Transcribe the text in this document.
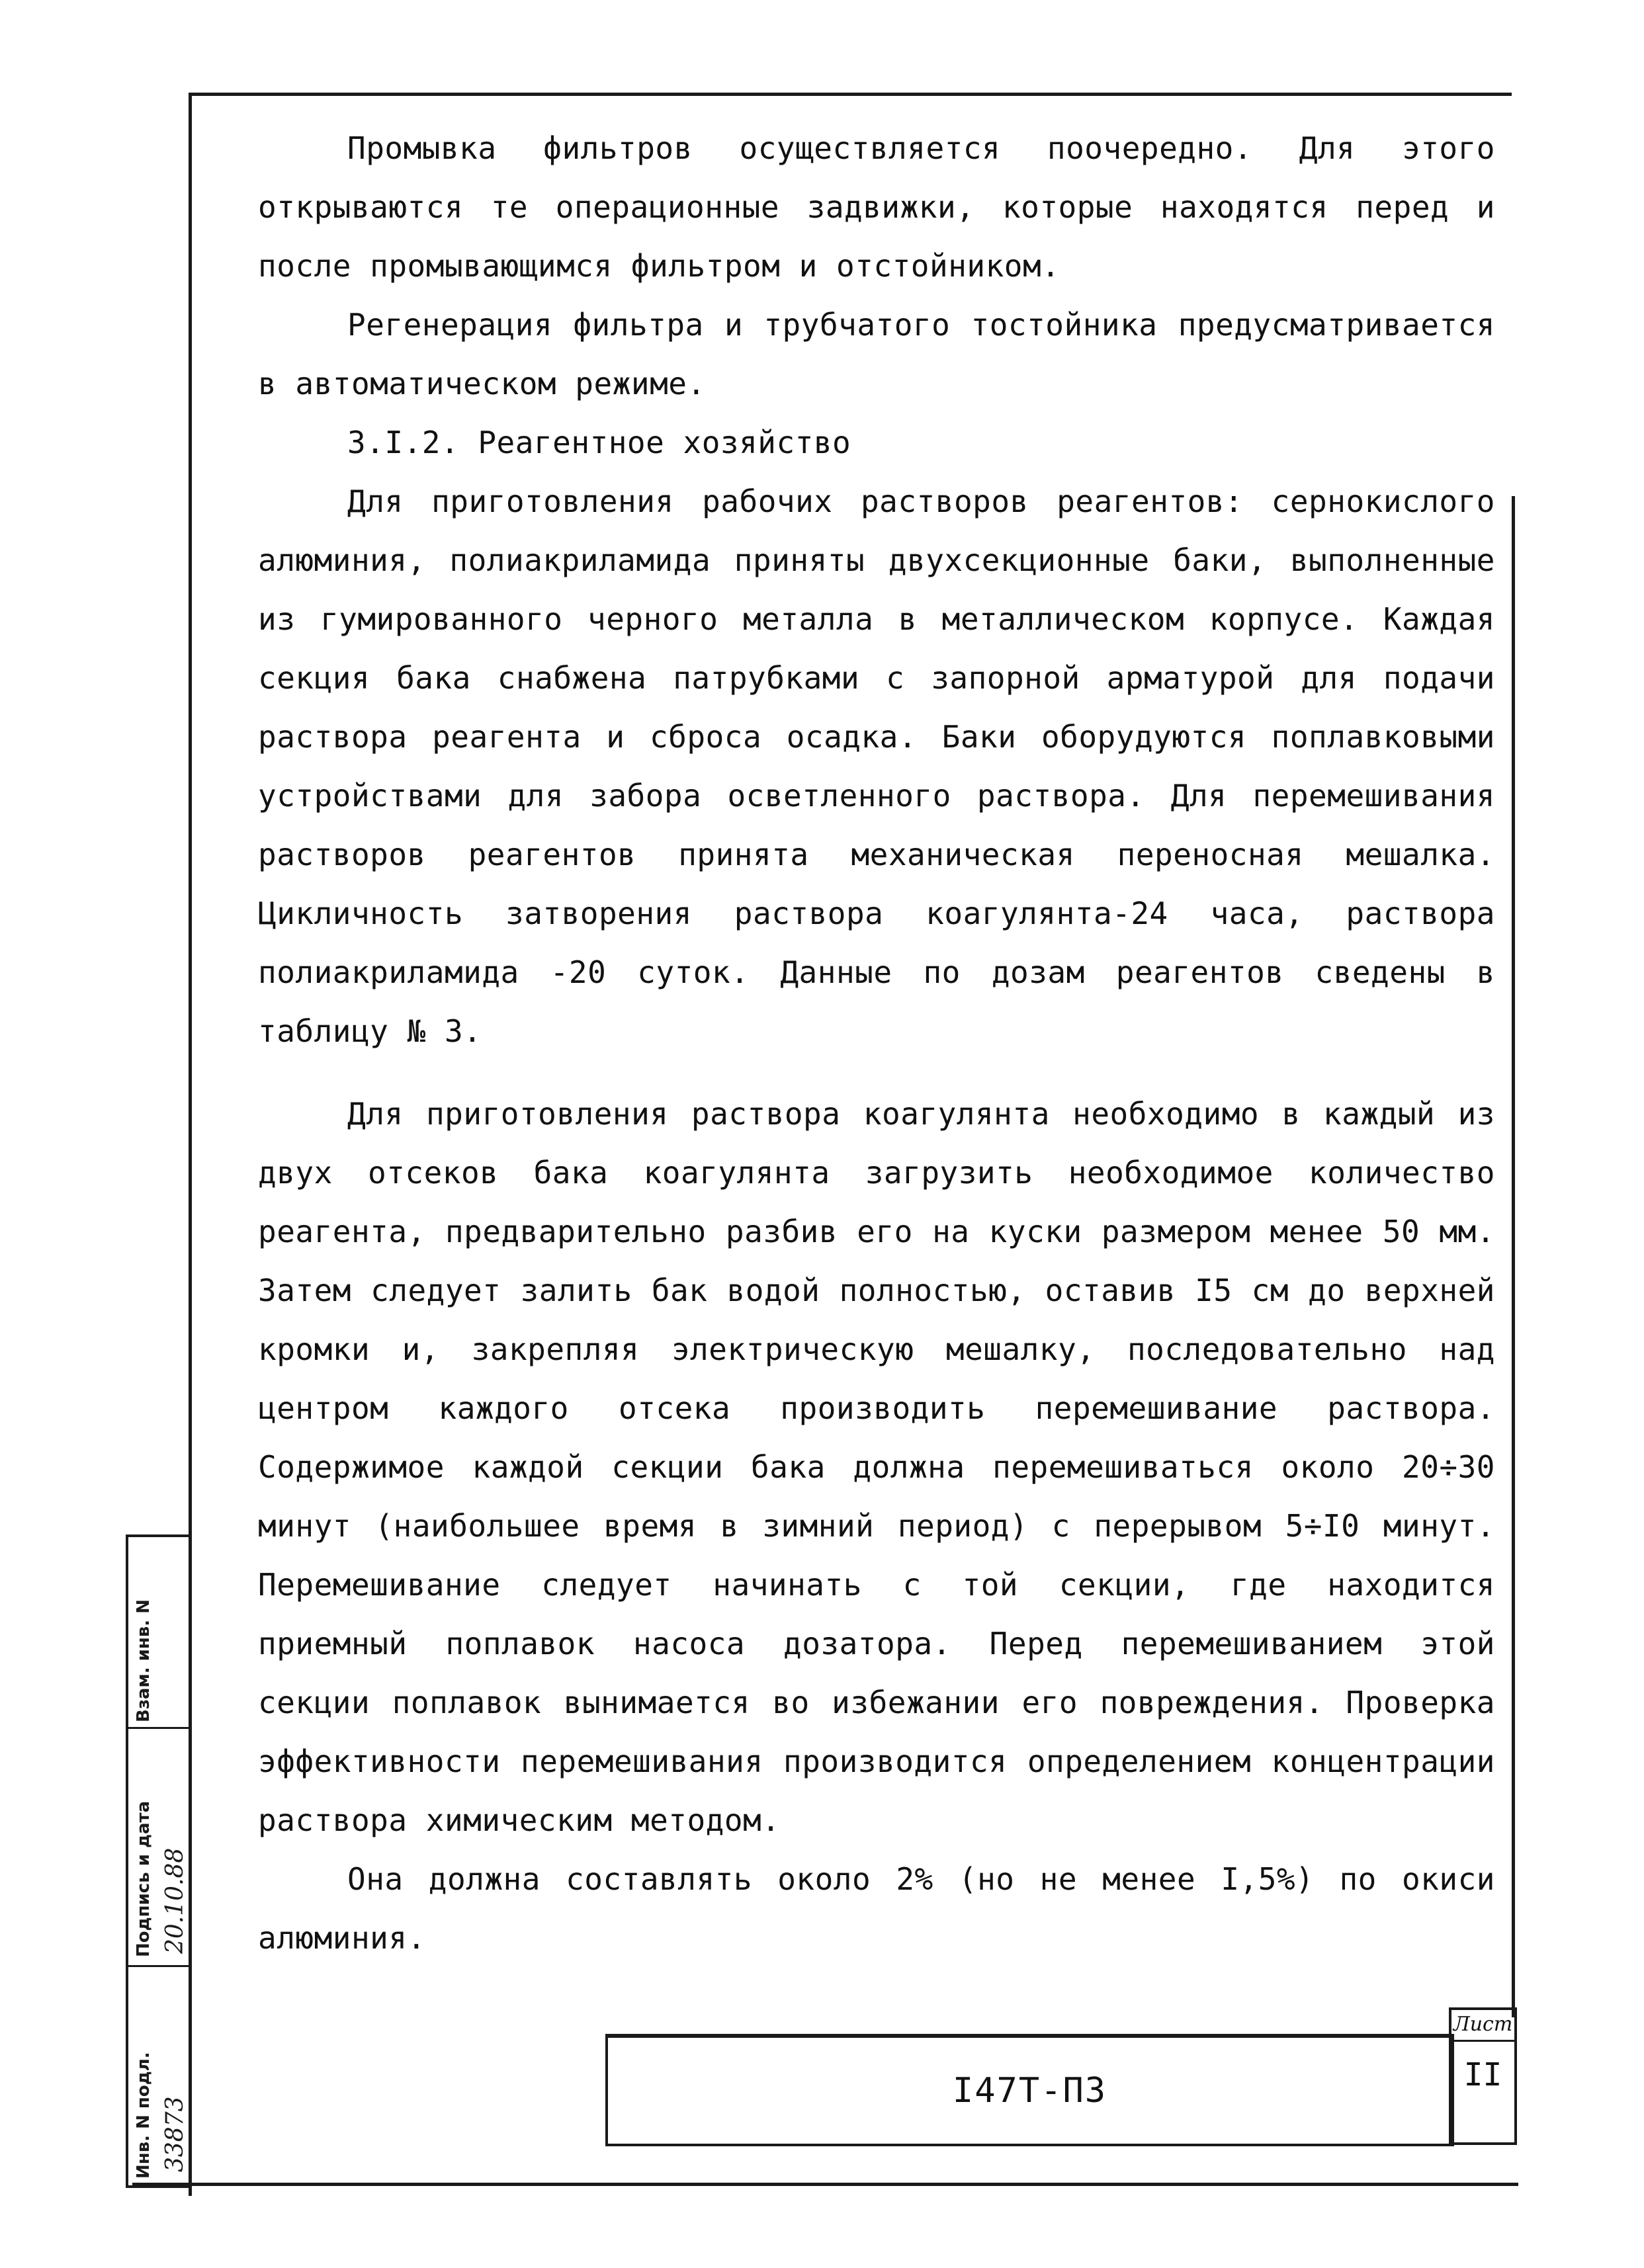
Промывка фильтров осуществляется поочередно. Для этого открываются те операционные задвижки, которые находятся перед и после промывающимся фильтром и отстойником.

Регенерация фильтра и трубчатого тостойника предусматривается в автоматическом режиме.

3.I.2. Реагентное хозяйство

Для приготовления рабочих растворов реагентов: сернокислого алюминия, полиакриламида приняты двухсекционные баки, выполненные из гумированного черного металла в металлическом корпусе. Каждая секция бака снабжена патрубками с запорной арматурой для подачи раствора реагента и сброса осадка. Баки оборудуются поплавковыми устройствами для забора осветленного раствора. Для перемешивания растворов реагентов принята механическая переносная мешалка. Цикличность затворения раствора коагулянта-24 часа, раствора полиакриламида -20 суток. Данные по дозам реагентов сведены в таблицу № 3.

Для приготовления раствора коагулянта необходимо в каждый из двух отсеков бака коагулянта загрузить необходимое количество реагента, предварительно разбив его на куски размером менее 50 мм. Затем следует залить бак водой полностью, оставив I5 см до верхней кромки и, закрепляя электрическую мешалку, последовательно над центром каждого отсека производить перемешивание раствора. Содержимое каждой секции бака должна перемешиваться около 20÷30 минут (наибольшее время в зимний период) с перерывом 5÷I0 минут. Перемешивание следует начинать с той секции, где находится приемный поплавок насоса дозатора. Перед перемешиванием этой секции поплавок вынимается во избежании его повреждения. Проверка эффективности перемешивания производится определением концентрации раствора химическим методом.

Она должна составлять около 2% (но не менее I,5%) по окиси алюминия.

Взам. инв. N
Подпись и дата 20.10.88
Инв. N подл. 33873
I47Т-ПЗ
Лист
II
